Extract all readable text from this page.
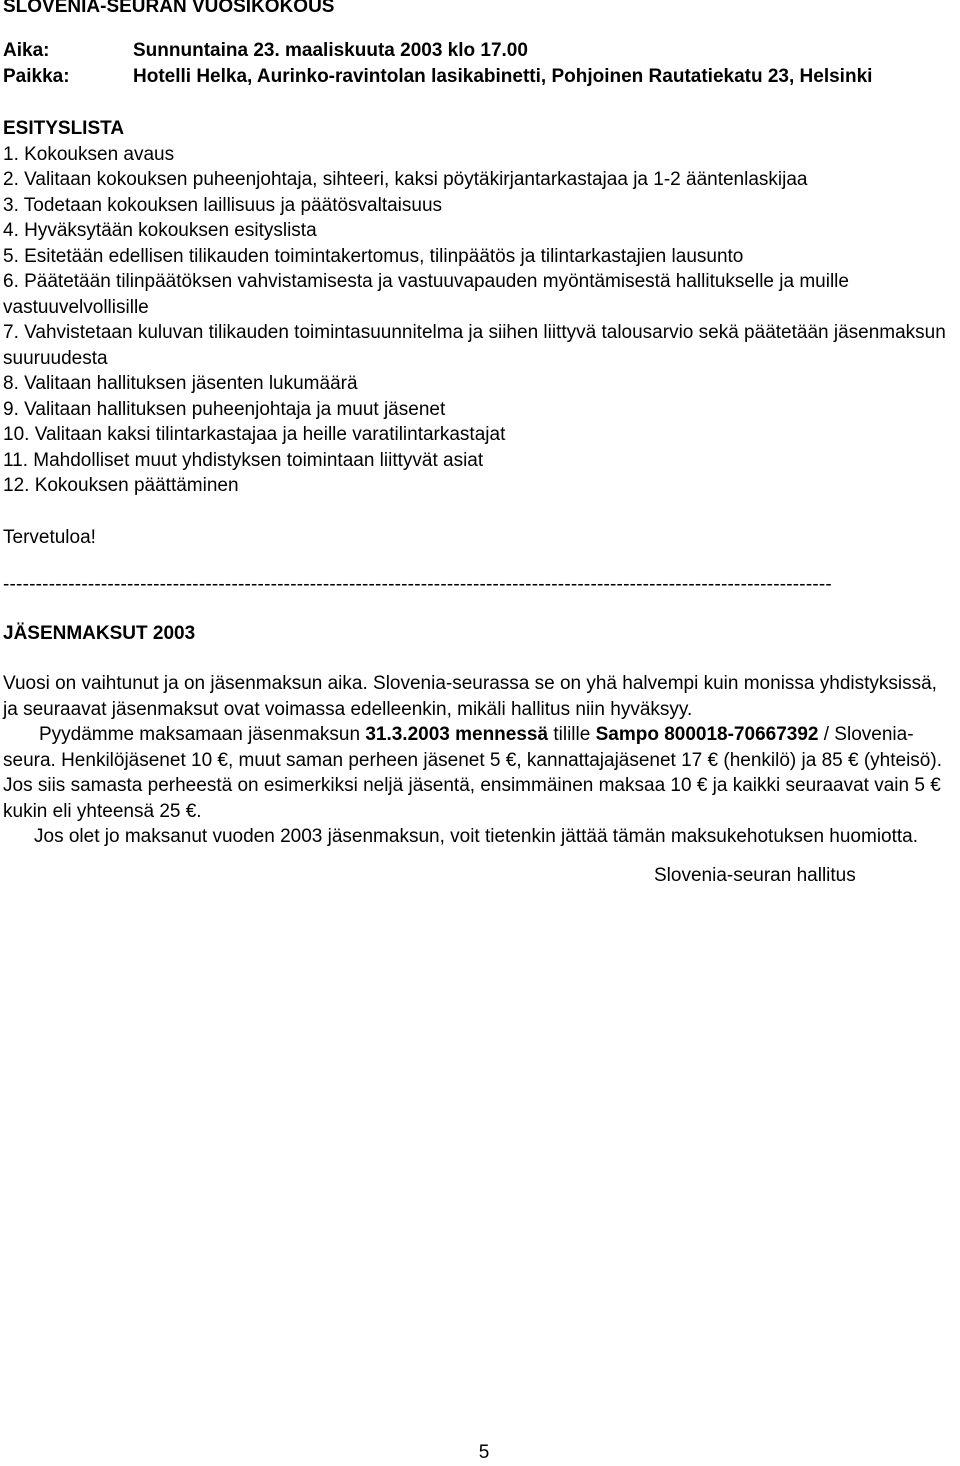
SLOVENIA-SEURAN VUOSIKOKOUS
Aika:	Sunnuntaina 23. maaliskuuta 2003 klo 17.00
Paikka:	Hotelli Helka, Aurinko-ravintolan lasikabinetti, Pohjoinen Rautatiekatu 23, Helsinki
ESITYSLISTA
1. Kokouksen avaus
2. Valitaan kokouksen puheenjohtaja, sihteeri, kaksi pöytäkirjantarkastajaa ja 1-2 ääntenlaskijaa
3. Todetaan kokouksen laillisuus ja päätösvaltaisuus
4. Hyväksytään kokouksen esityslista
5. Esitetään edellisen tilikauden toimintakertomus, tilinpäätös ja tilintarkastajien lausunto
6. Päätetään tilinpäätöksen vahvistamisesta ja vastuuvapauden myöntämisestä hallitukselle ja muille vastuuvelvollisille
7. Vahvistetaan kuluvan tilikauden toimintasuunnitelma ja siihen liittyvä talousarvio sekä päätetään jäsenmaksun suuruudesta
8. Valitaan hallituksen jäsenten lukumäärä
9. Valitaan hallituksen puheenjohtaja ja muut jäsenet
10. Valitaan kaksi tilintarkastajaa ja heille varatilintarkastajat
11. Mahdolliset muut yhdistyksen toimintaan liittyvät asiat
12. Kokouksen päättäminen
Tervetuloa!
-------------------------------------------------------------------------------------------------------------------------------
JÄSENMAKSUT 2003

Vuosi on vaihtunut ja on jäsenmaksun aika. Slovenia-seurassa se on yhä halvempi kuin monissa yhdistyksissä, ja seuraavat jäsenmaksut ovat voimassa edelleenkin, mikäli hallitus niin hyväksyy.

Pyydämme maksamaan jäsenmaksun 31.3.2003 mennessä tilille Sampo 800018-70667392 / Slovenia-seura. Henkilöjäsenet 10 €, muut saman perheen jäsenet 5 €, kannattajajäsenet 17 € (henkilö) ja 85 € (yhteisö). Jos siis samasta perheestä on esimerkiksi neljä jäsentä, ensimmäinen maksaa 10 € ja kaikki seuraavat vain 5 € kukin eli yhteensä 25 €.

Jos olet jo maksanut vuoden 2003 jäsenmaksun, voit tietenkin jättää tämän maksukehotuksen huomiotta.

Slovenia-seuran hallitus
5
